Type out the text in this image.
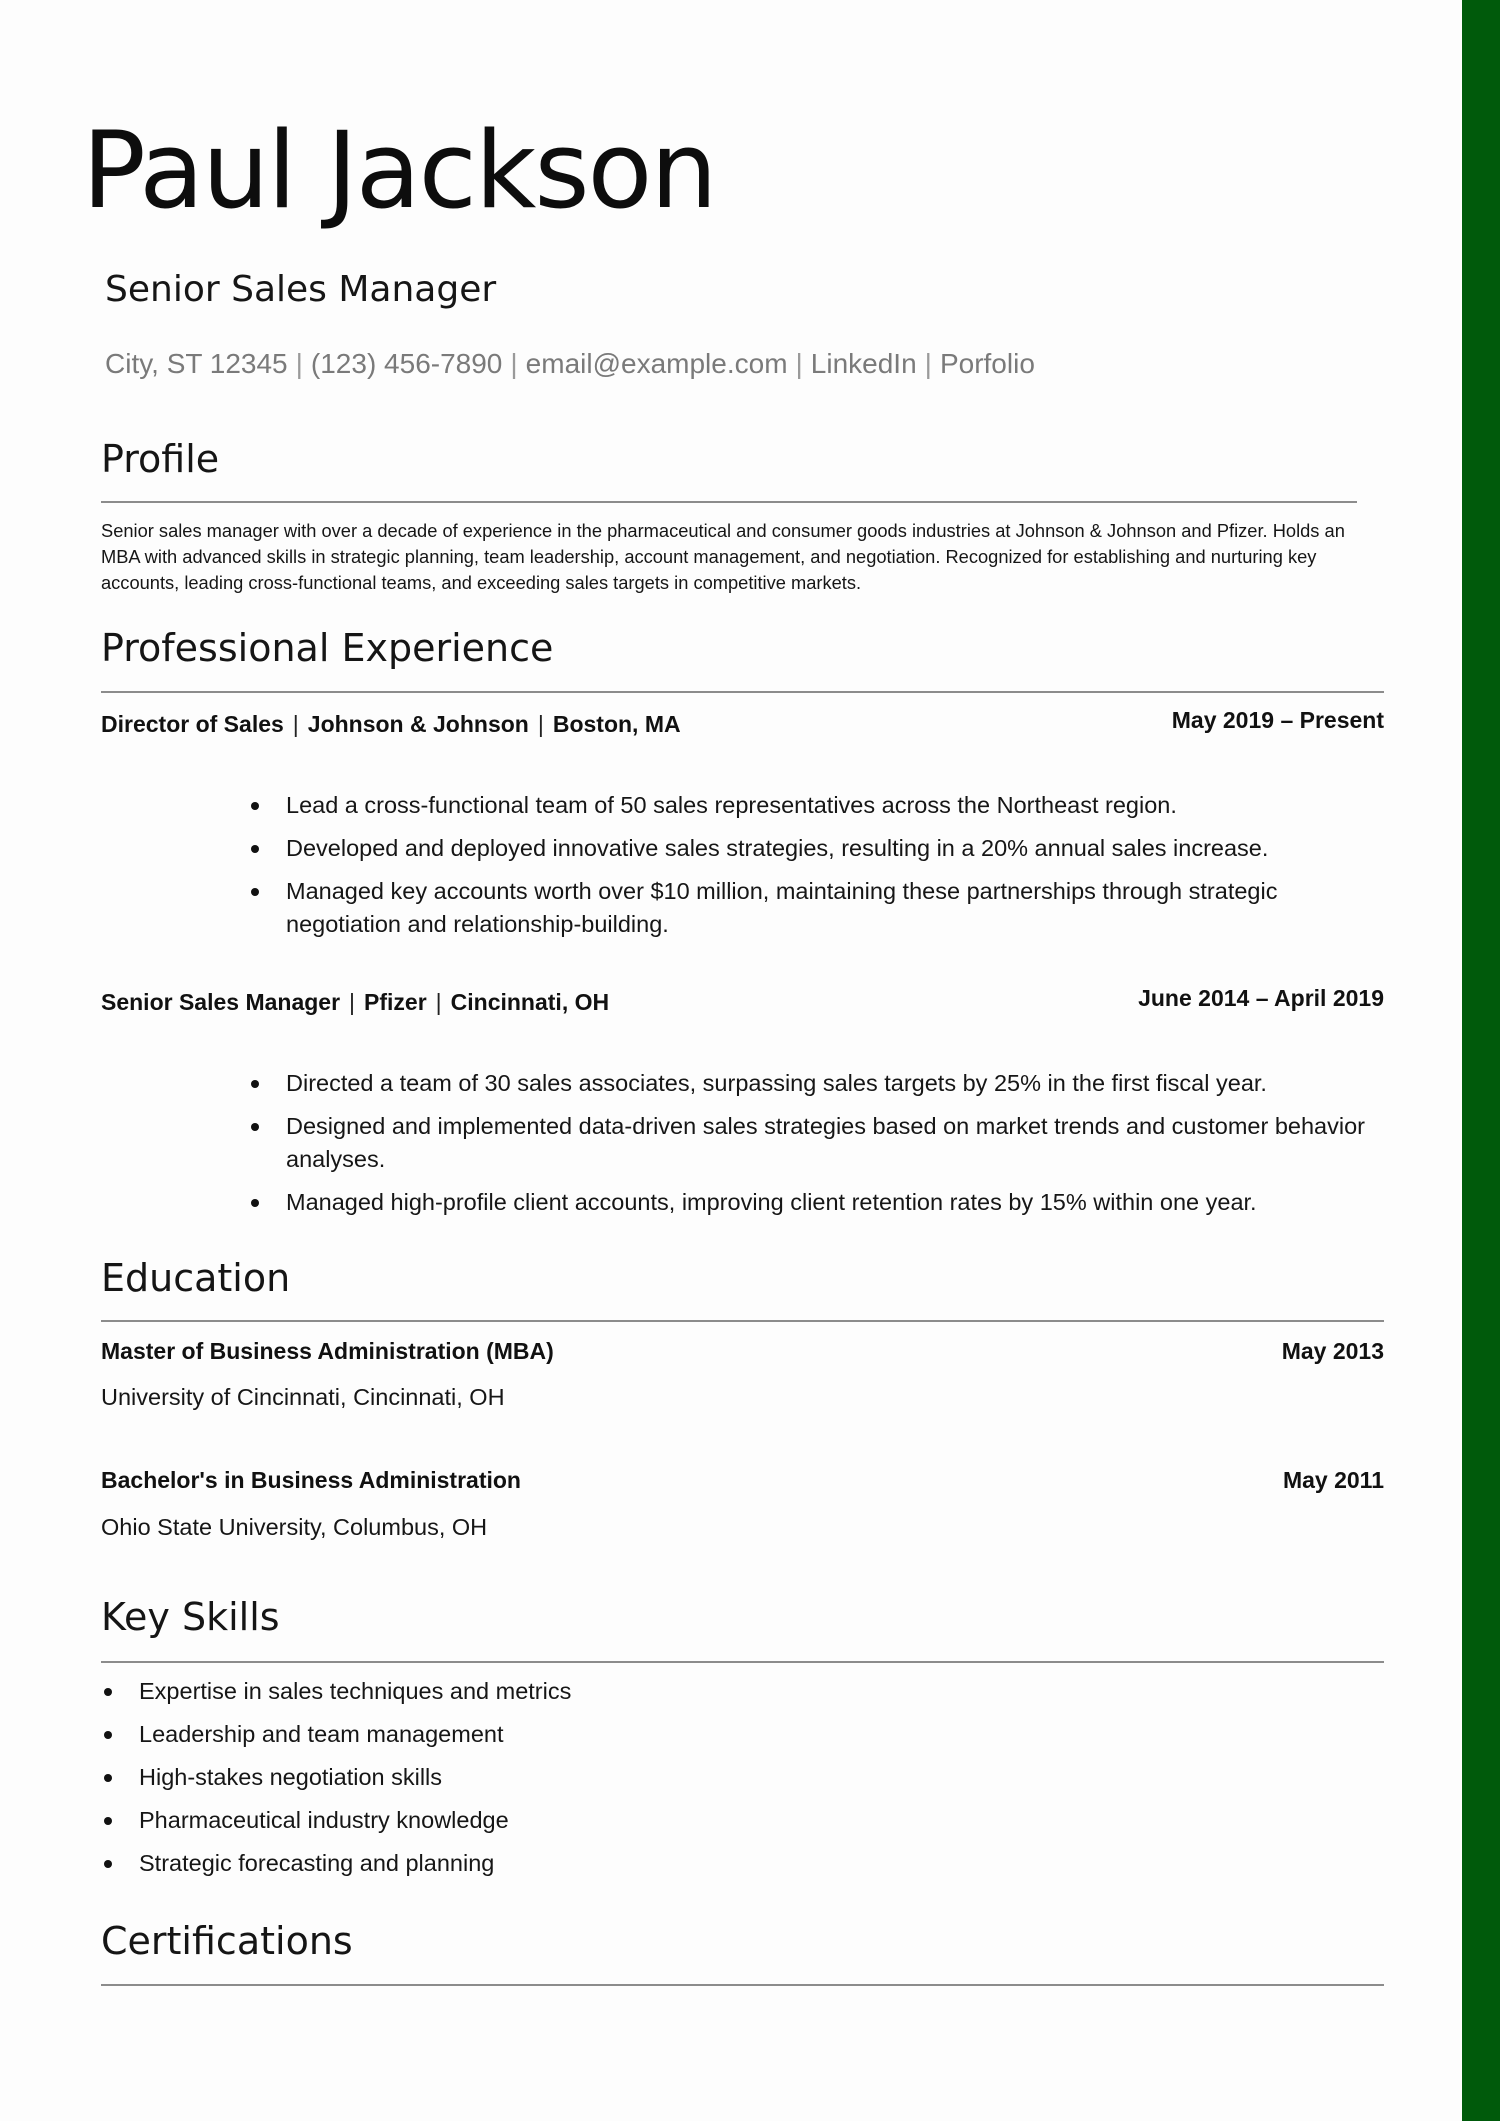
Paul Jackson
Senior Sales Manager
City, ST 12345 | (123) 456-7890 | email@example.com | LinkedIn | Porfolio
Profile

Senior sales manager with over a decade of experience in the pharmaceutical and consumer goods industries at Johnson & Johnson and Pfizer. Holds an MBA with advanced skills in strategic planning, team leadership, account management, and negotiation. Recognized for establishing and nurturing key accounts, leading cross-functional teams, and exceeding sales targets in competitive markets.

Professional Experience
Director of Sales | Johnson & Johnson | Boston, MA	May 2019 – Present
Lead a cross-functional team of 50 sales representatives across the Northeast region.
Developed and deployed innovative sales strategies, resulting in a 20% annual sales increase.
Managed key accounts worth over $10 million, maintaining these partnerships through strategic negotiation and relationship-building.
Senior Sales Manager | Pfizer | Cincinnati, OH	June 2014 – April 2019
Directed a team of 30 sales associates, surpassing sales targets by 25% in the first fiscal year.
Designed and implemented data-driven sales strategies based on market trends and customer behavior analyses.
Managed high-profile client accounts, improving client retention rates by 15% within one year.
Education
Master of Business Administration (MBA)	May 2013
University of Cincinnati, Cincinnati, OH
Bachelor's in Business Administration	May 2011
Ohio State University, Columbus, OH
Key Skills
Expertise in sales techniques and metrics
Leadership and team management
High-stakes negotiation skills
Pharmaceutical industry knowledge
Strategic forecasting and planning
Certifications
